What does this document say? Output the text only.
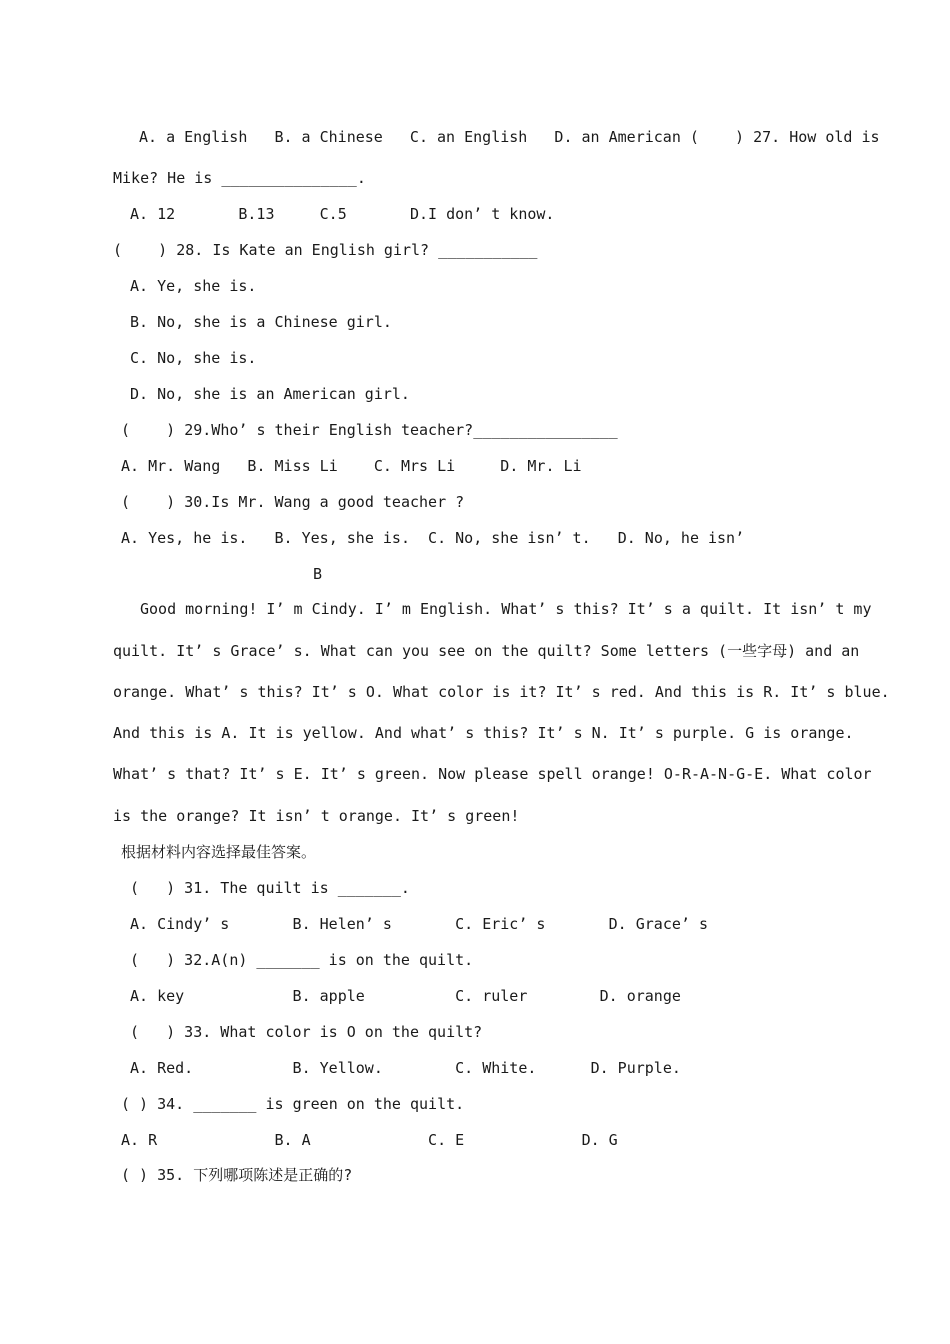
A. a English   B. a Chinese   C. an English   D. an American (    ) 27. How old is
Mike? He is _______________.
A. 12       B.13     C.5       D.I don’ t know.
(    ) 28. Is Kate an English girl? ___________
A. Ye, she is.
B. No, she is a Chinese girl.
C. No, she is.
D. No, she is an American girl.
(    ) 29.Who’ s their English teacher?________________
A. Mr. Wang   B. Miss Li    C. Mrs Li     D. Mr. Li
(    ) 30.Is Mr. Wang a good teacher ?
A. Yes, he is.   B. Yes, she is.  C. No, she isn’ t.   D. No, he isn’
B
Good morning! I’ m Cindy. I’ m English. What’ s this? It’ s a quilt. It isn’ t my
quilt. It’ s Grace’ s. What can you see on the quilt? Some letters (一些字母) and an
orange. What’ s this? It’ s O. What color is it? It’ s red. And this is R. It’ s blue.
And this is A. It is yellow. And what’ s this? It’ s N. It’ s purple. G is orange.
What’ s that? It’ s E. It’ s green. Now please spell orange! O-R-A-N-G-E. What color
is the orange? It isn’ t orange. It’ s green!
根据材料内容选择最佳答案。
(   ) 31. The quilt is _______.
A. Cindy’ s       B. Helen’ s       C. Eric’ s       D. Grace’ s
(   ) 32.A(n) _______ is on the quilt.
A. key            B. apple          C. ruler        D. orange
(   ) 33. What color is O on the quilt?
A. Red.           B. Yellow.        C. White.      D. Purple.
( ) 34. _______ is green on the quilt.
A. R             B. A             C. E             D. G
( ) 35. 下列哪项陈述是正确的?
